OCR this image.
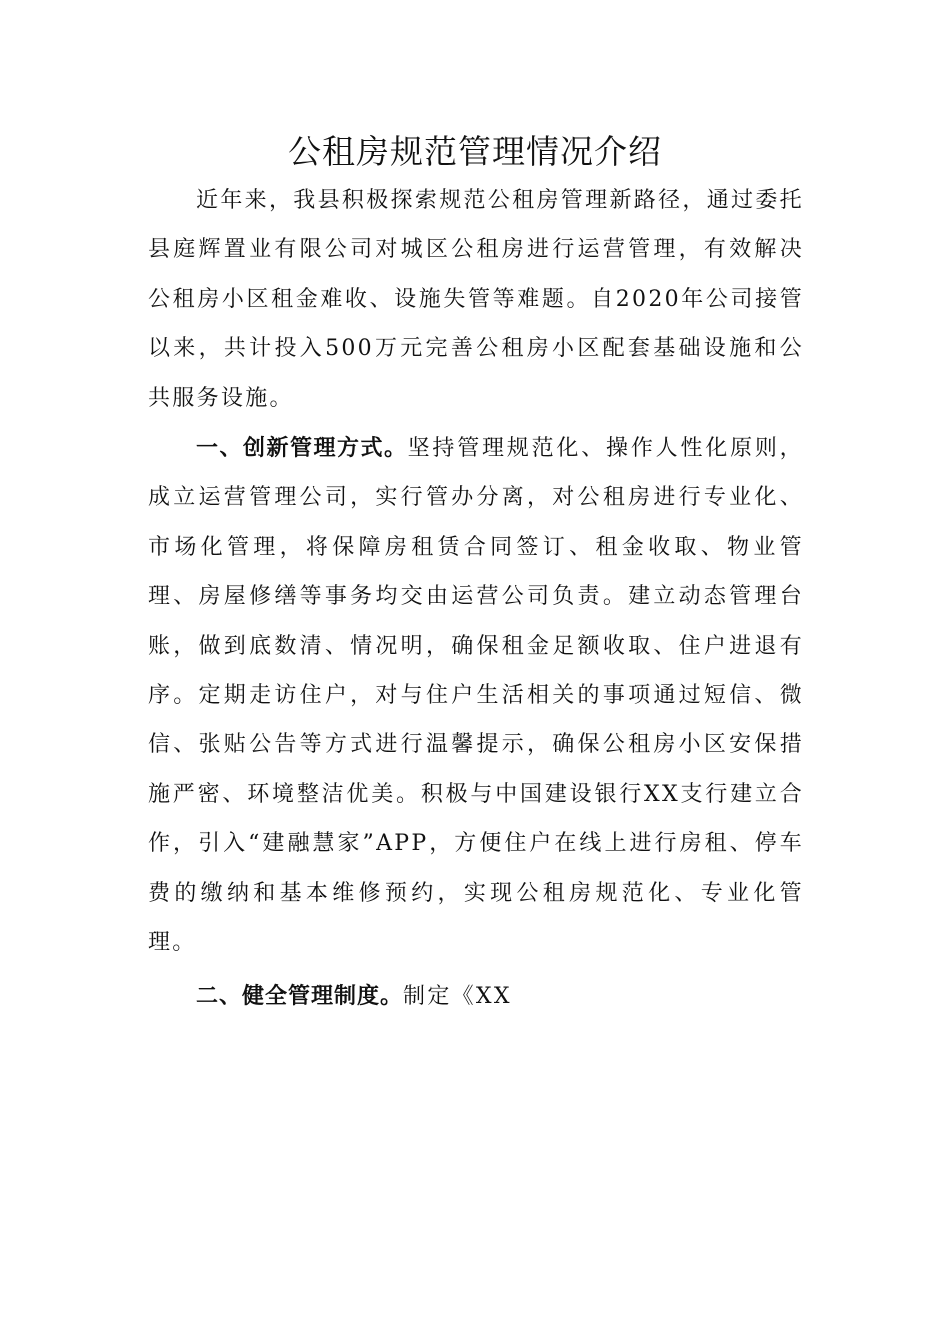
公租房规范管理情况介绍

近年来，我县积极探索规范公租房管理新路径，通过委托县庭辉置业有限公司对城区公租房进行运营管理，有效解决公租房小区租金难收、设施失管等难题。自2020年公司接管以来，共计投入500万元完善公租房小区配套基础设施和公共服务设施。

一、创新管理方式。坚持管理规范化、操作人性化原则，成立运营管理公司，实行管办分离，对公租房进行专业化、市场化管理，将保障房租赁合同签订、租金收取、物业管理、房屋修缮等事务均交由运营公司负责。建立动态管理台账，做到底数清、情况明，确保租金足额收取、住户进退有序。定期走访住户，对与住户生活相关的事项通过短信、微信、张贴公告等方式进行温馨提示，确保公租房小区安保措施严密、环境整洁优美。积极与中国建设银行XX支行建立合作，引入“建融慧家”APP，方便住户在线上进行房租、停车费的缴纳和基本维修预约，实现公租房规范化、专业化管理。

二、健全管理制度。制定《XX
